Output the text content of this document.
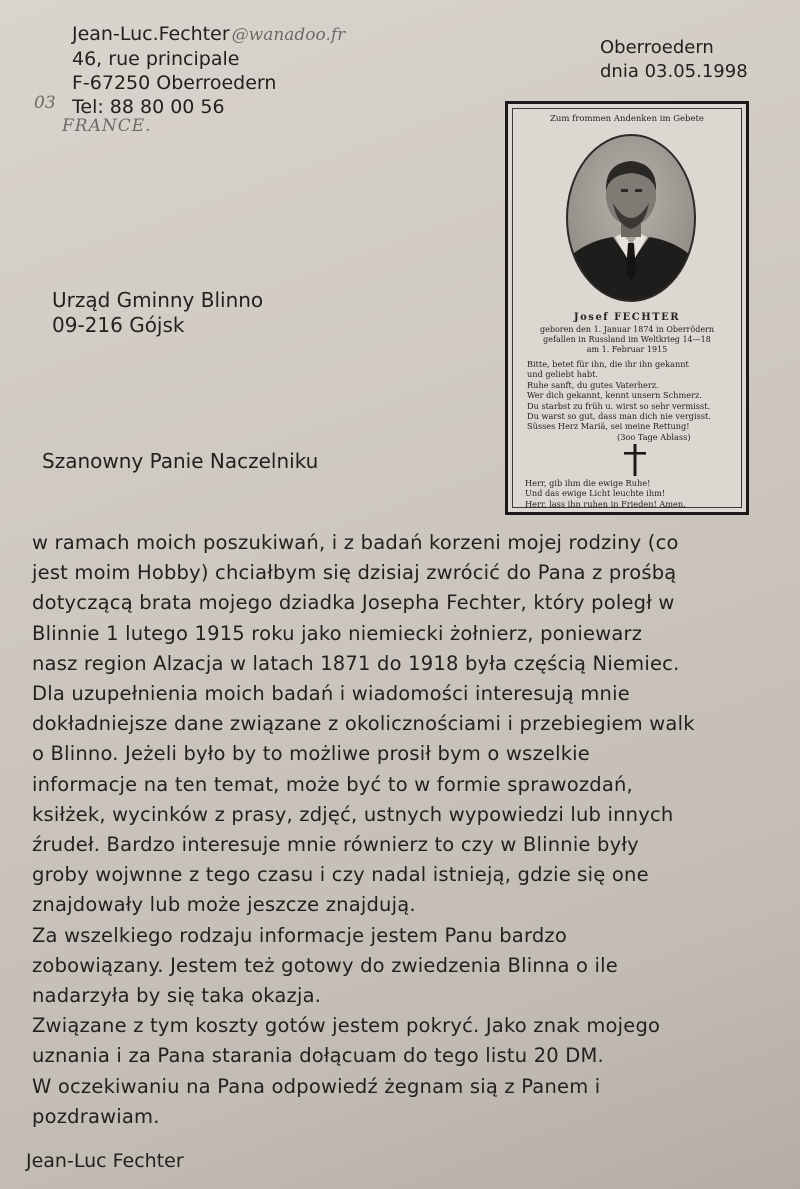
Jean-Luc.Fechter @wanadoo.fr
46, rue principale
F-67250 Oberroedern
Tel: 88 80 00 56
03
FRANCE.
Oberroedern
dnia 03.05.1998
Urząd Gminny Blinno
09-216 Gójsk
Szanowny Panie Naczelniku
Zum frommen Andenken im Gebete
Josef FECHTER
geboren den 1. Januar 1874 in Oberrödern
gefallen in Russland im Weltkrieg 14—18
am 1. Februar 1915
Bitte, betet für ihn, die ihr ihn gekannt
und geliebt habt.
Ruhe sanft, du gutes Vaterherz.
Wer dich gekannt, kennt unsern Schmerz.
Du starbst zu früh u. wirst so sehr vermisst.
Du warst so gut, dass man dich nie vergisst.
Süsses Herz Mariä, sei meine Rettung!
(3oo Tage Ablass)
Herr, gib ihm die ewige Ruhe!
Und das ewige Licht leuchte ihm!
Herr, lass ihn ruhen in Frieden! Amen.
w ramach moich poszukiwań, i z badań korzeni mojej rodziny (co
jest moim Hobby) chciałbym się dzisiaj zwrócić do Pana z prośbą
dotyczącą brata mojego dziadka Josepha Fechter, który poległ w
Blinnie 1 lutego 1915 roku jako niemiecki żołnierz, poniewarz
nasz region Alzacja w latach 1871 do 1918 była częścią Niemiec.
Dla uzupełnienia moich badań i wiadomości interesują mnie
dokładniejsze dane związane z okolicznościami i przebiegiem walk
o Blinno. Jeżeli było by to możliwe prosił bym o wszelkie
informacje na ten temat, może być to w formie sprawozdań,
ksiłżek, wycinków z prasy, zdjęć, ustnych wypowiedzi lub innych
źrudeł. Bardzo interesuje mnie równierz to czy w Blinnie były
groby wojwnne z tego czasu i czy nadal istnieją, gdzie się one
znajdowały lub może jeszcze znajdują.
Za wszelkiego rodzaju informacje jestem Panu bardzo
zobowiązany. Jestem też gotowy do zwiedzenia Blinna o ile
nadarzyła by się taka okazja.
Związane z tym koszty gotów jestem pokryć. Jako znak mojego
uznania i za Pana starania dołącuam do tego listu 20 DM.
W oczekiwaniu na Pana odpowiedź żegnam sią z Panem i
pozdrawiam.
Jean-Luc Fechter
